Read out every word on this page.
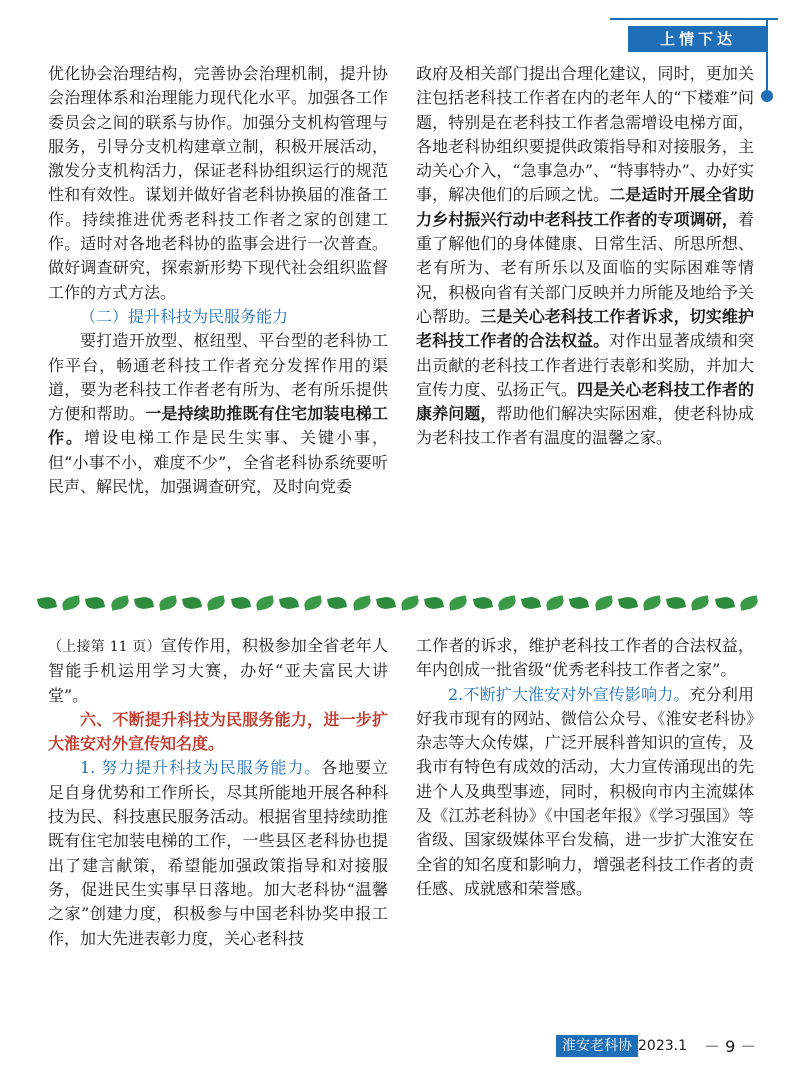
上情下达

优化协会治理结构，完善协会治理机制，提升协会治理体系和治理能力现代化水平。加强各工作委员会之间的联系与协作。加强分支机构管理与服务，引导分支机构建章立制，积极开展活动，激发分支机构活力，保证老科协组织运行的规范性和有效性。谋划并做好省老科协换届的准备工作。持续推进优秀老科技工作者之家的创建工作。适时对各地老科协的监事会进行一次普查。做好调查研究，探索新形势下现代社会组织监督工作的方式方法。

（二）提升科技为民服务能力

要打造开放型、枢纽型、平台型的老科协工作平台，畅通老科技工作者充分发挥作用的渠道，要为老科技工作者老有所为、老有所乐提供方便和帮助。一是持续助推既有住宅加装电梯工作。增设电梯工作是民生实事、关键小事，但“小事不小，难度不少”，全省老科协系统要听民声、解民忧，加强调查研究，及时向党委

政府及相关部门提出合理化建议，同时，更加关注包括老科技工作者在内的老年人的“下楼难”问题，特别是在老科技工作者急需增设电梯方面，各地老科协组织要提供政策指导和对接服务，主动关心介入，“急事急办”、“特事特办”、办好实事，解决他们的后顾之忧。二是适时开展全省助力乡村振兴行动中老科技工作者的专项调研，着重了解他们的身体健康、日常生活、所思所想、老有所为、老有所乐以及面临的实际困难等情况，积极向省有关部门反映并力所能及地给予关心帮助。三是关心老科技工作者诉求，切实维护老科技工作者的合法权益。对作出显著成绩和突出贡献的老科技工作者进行表彰和奖励，并加大宣传力度、弘扬正气。四是关心老科技工作者的康养问题，帮助他们解决实际困难，使老科协成为老科技工作者有温度的温馨之家。

（上接第 11 页）宣传作用，积极参加全省老年人智能手机运用学习大赛，办好“亚夫富民大讲堂”。

六、不断提升科技为民服务能力，进一步扩大淮安对外宣传知名度。

1. 努力提升科技为民服务能力。各地要立足自身优势和工作所长，尽其所能地开展各种科技为民、科技惠民服务活动。根据省里持续助推既有住宅加装电梯的工作，一些县区老科协也提出了建言献策，希望能加强政策指导和对接服务，促进民生实事早日落地。加大老科协“温馨之家”创建力度，积极参与中国老科协奖申报工作，加大先进表彰力度，关心老科技

工作者的诉求，维护老科技工作者的合法权益，年内创成一批省级“优秀老科技工作者之家”。

2.不断扩大淮安对外宣传影响力。充分利用好我市现有的网站、微信公众号、《淮安老科协》杂志等大众传媒，广泛开展科普知识的宣传，及我市有特色有成效的活动，大力宣传涌现出的先进个人及典型事迹，同时，积极向市内主流媒体及《江苏老科协》《中国老年报》《学习强国》等省级、国家级媒体平台发稿，进一步扩大淮安在全省的知名度和影响力，增强老科技工作者的责任感、成就感和荣誉感。

淮安老科协 2023.1 － 9 －
